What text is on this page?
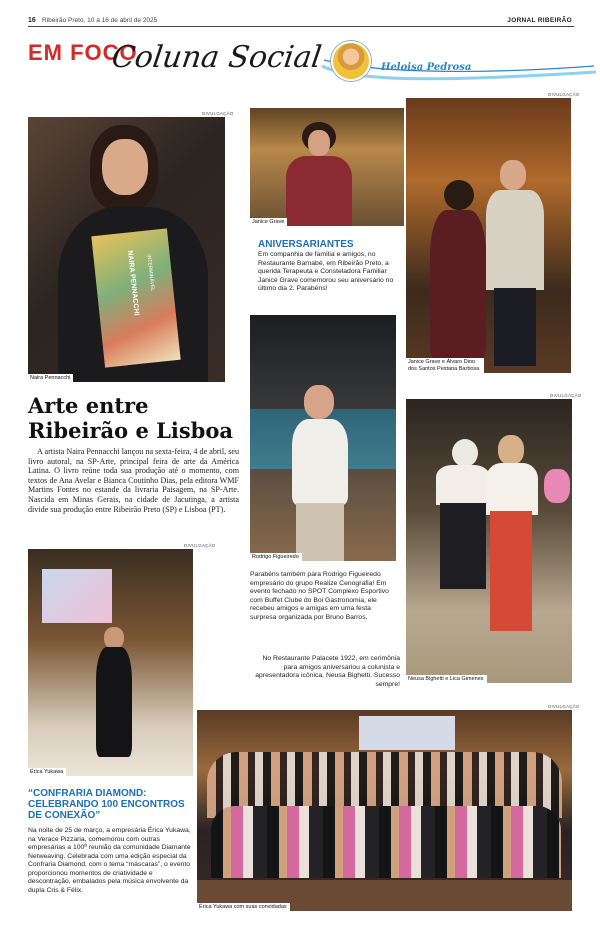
16 Ribeirão Preto, 10 a 16 de abril de 2025	JORNAL RIBEIRÃO
EM FOCO
Coluna Social	Heloisa Pedrosa
DIVULGAÇÃO
NAIRA PENNACCHI INTERMINÁVEL
Naira Pennacchi
Arte entre Ribeirão e Lisboa
A artista Naira Pennacchi lançou na sexta-feira, 4 de abril, seu livro autoral, na SP-Arte, principal feira de arte da América Latina. O livro reúne toda sua produção até o momento, com textos de Ana Avelar e Bianca Coutinho Dias, pela editora WMF Martins Fontes no estande da livraria Paisagem, na SP-Arte. Nascida em Minas Gerais, na cidade de Jacutinga, a artista divide sua produção entre Ribeirão Preto (SP) e Lisboa (PT).
Janice Grave
ANIVERSARIANTES
Em companhia de família e amigos, no Restaurante Barnabé, em Ribeirão Preto, a querida Terapeuta e Consteladora Familiar Janice Grave comemorou seu aniversário no último dia 2. Parabéns!
DIVULGAÇÃO
Janice Grave e Álvaro Dino dos Santos Pestana Barbosa
Rodrigo Figueiredo
Parabéns também para Rodrigo Figueiredo empresário do grupo Realize Cenografia! Em evento fechado no SPOT Complexo Esportivo com Buffet Clube do Boi Gastronomia, ele recebeu amigos e amigas em uma festa surpresa organizada por Bruno Barros.
DIVULGAÇÃO
Neusa Bighetti e Lica Gimenes
No Restaurante Palacete 1922, em cerimônia para amigos aniversariou a colunista e apresentadora icônica, Neusa Bighetti. Sucesso sempre!
DIVULGAÇÃO
Érica Yukawa
“CONFRARIA DIAMOND: CELEBRANDO 100 ENCONTROS DE CONEXÃO”
Na noite de 25 de março, a empresária Érica Yukawa, na Verace Pizzaria, comemorou com outras empresárias a 100ª reunião da comunidade Diamante Netweaving. Celebrada com uma edição especial da Confraria Diamond, com o tema “máscaras”, o evento proporcionou momentos de criatividade e descontração, embalados pela música envolvente da dupla Cris & Félix.
DIVULGAÇÃO
Érica Yukawa com suas convidadas
